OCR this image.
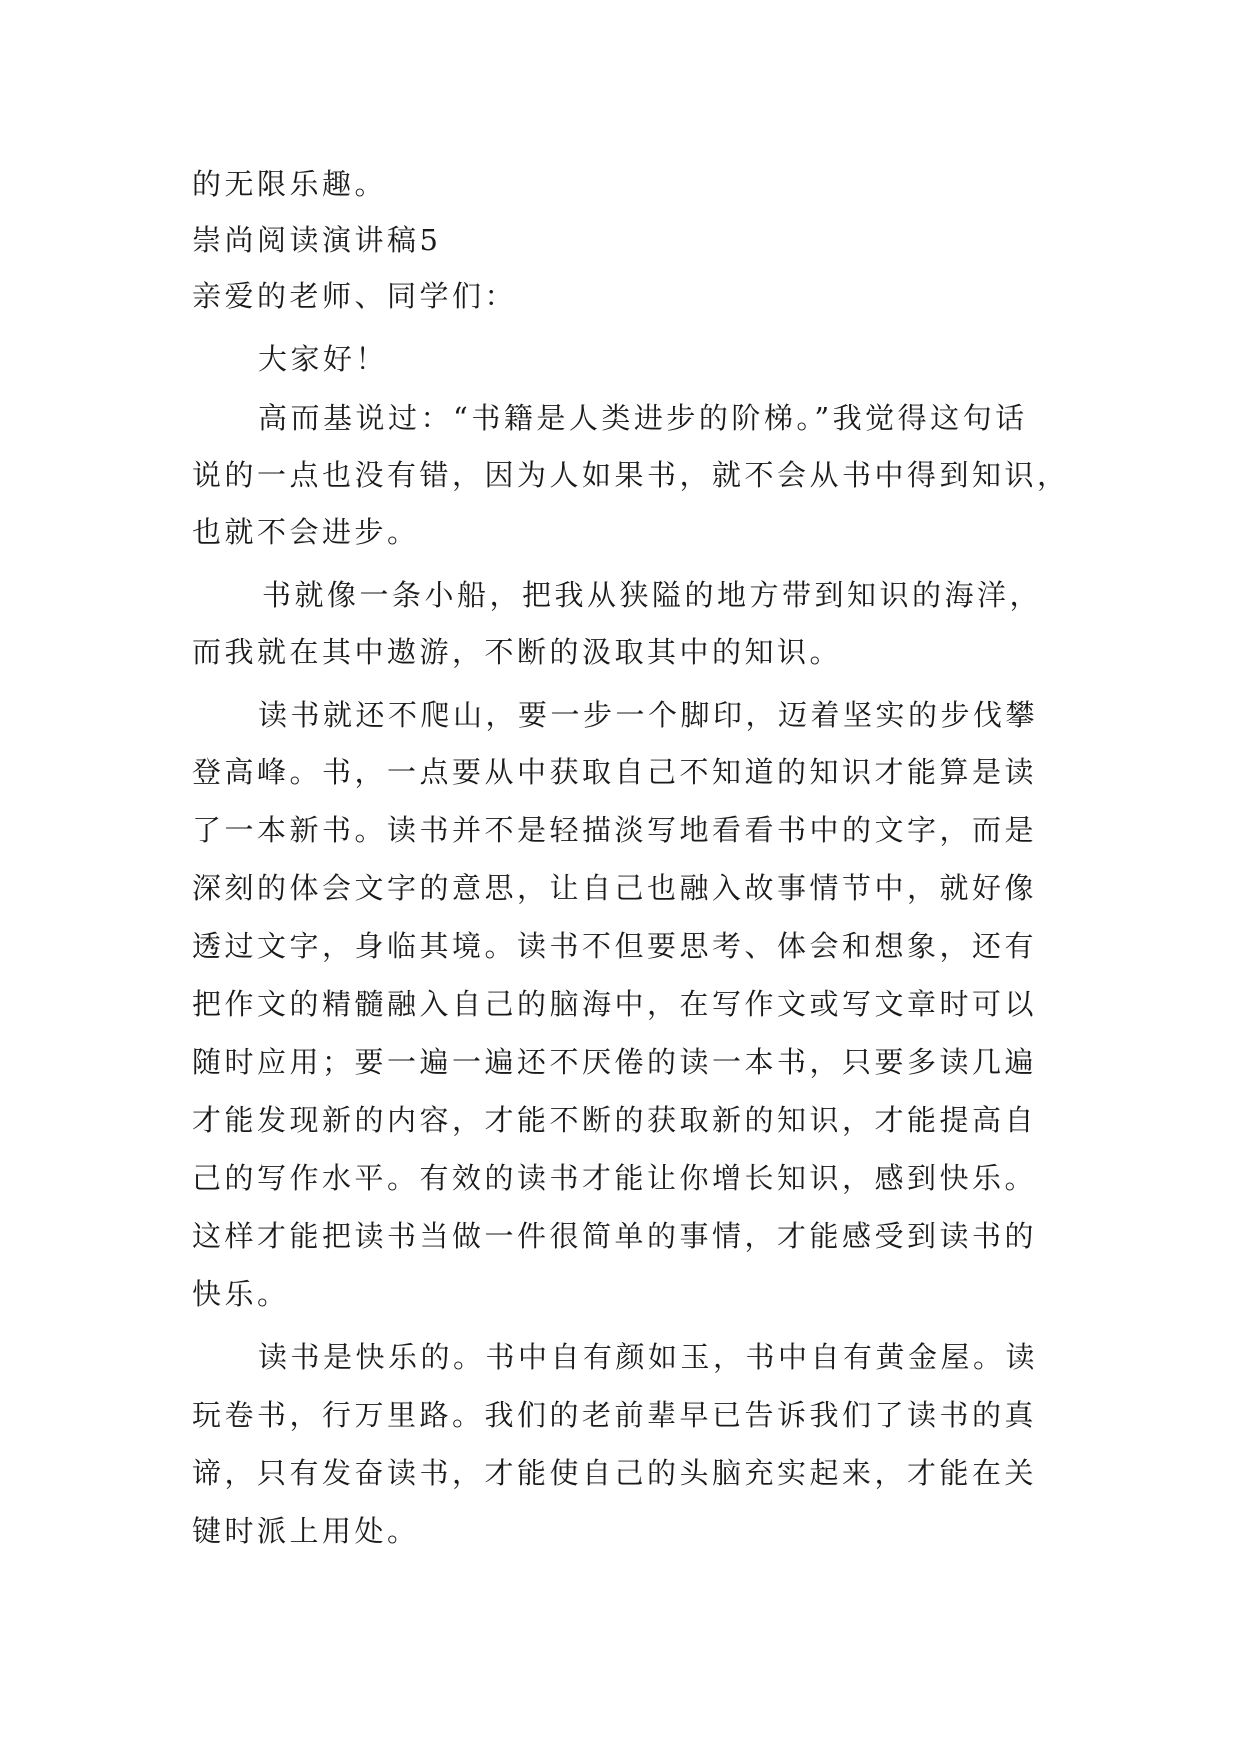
的无限乐趣。
崇尚阅读演讲稿5
亲爱的老师、同学们：
大家好！
高而基说过：“书籍是人类进步的阶梯。”我觉得这句话
说的一点也没有错，因为人如果书，就不会从书中得到知识，
也就不会进步。
书就像一条小船，把我从狭隘的地方带到知识的海洋，
而我就在其中遨游，不断的汲取其中的知识。
读书就还不爬山，要一步一个脚印，迈着坚实的步伐攀
登高峰。书，一点要从中获取自己不知道的知识才能算是读
了一本新书。读书并不是轻描淡写地看看书中的文字，而是
深刻的体会文字的意思，让自己也融入故事情节中，就好像
透过文字，身临其境。读书不但要思考、体会和想象，还有
把作文的精髓融入自己的脑海中，在写作文或写文章时可以
随时应用；要一遍一遍还不厌倦的读一本书，只要多读几遍
才能发现新的内容，才能不断的获取新的知识，才能提高自
己的写作水平。有效的读书才能让你增长知识，感到快乐。
这样才能把读书当做一件很简单的事情，才能感受到读书的
快乐。
读书是快乐的。书中自有颜如玉，书中自有黄金屋。读
玩卷书，行万里路。我们的老前辈早已告诉我们了读书的真
谛，只有发奋读书，才能使自己的头脑充实起来，才能在关
键时派上用处。
